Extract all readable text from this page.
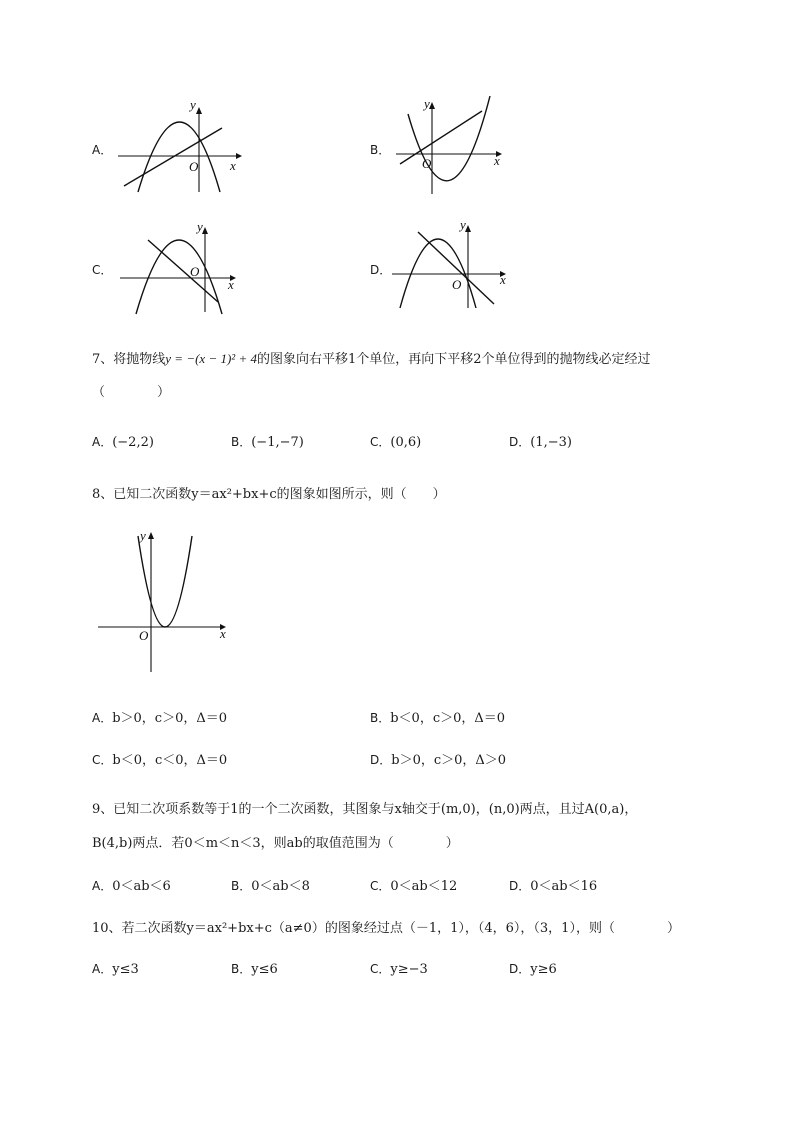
A．
y
x
O
B．
y
x
O
C．
y
x
O	D．
y
x
O
7、将抛物线y = −(x − 1)² + 4的图象向右平移1个单位，再向下平移2个单位得到的抛物线必定经过
（　　　　）
A．(−2,2)	B．(−1,−7)	C．(0,6)	D．(1,−3)
8、已知二次函数y＝ax²+bx+c的图象如图所示，则（　　）
y
x
O
A．b＞0，c＞0，Δ＝0	B．b＜0，c＞0，Δ＝0
C．b＜0，c＜0，Δ＝0	D．b＞0，c＞0，Δ＞0
9、已知二次项系数等于1的一个二次函数，其图象与x轴交于(m,0)，(n,0)两点，且过A(0,a)，
B(4,b)两点．若0＜m＜n＜3，则ab的取值范围为（　　　　）
A．0＜ab＜6	B．0＜ab＜8	C．0＜ab＜12	D．0＜ab＜16
10、若二次函数y＝ax²+bx+c（a≠0）的图象经过点（－1，1），（4，6），（3，1），则（　　　　）
A．y≤3	B．y≤6	C．y≥−3	D．y≥6
